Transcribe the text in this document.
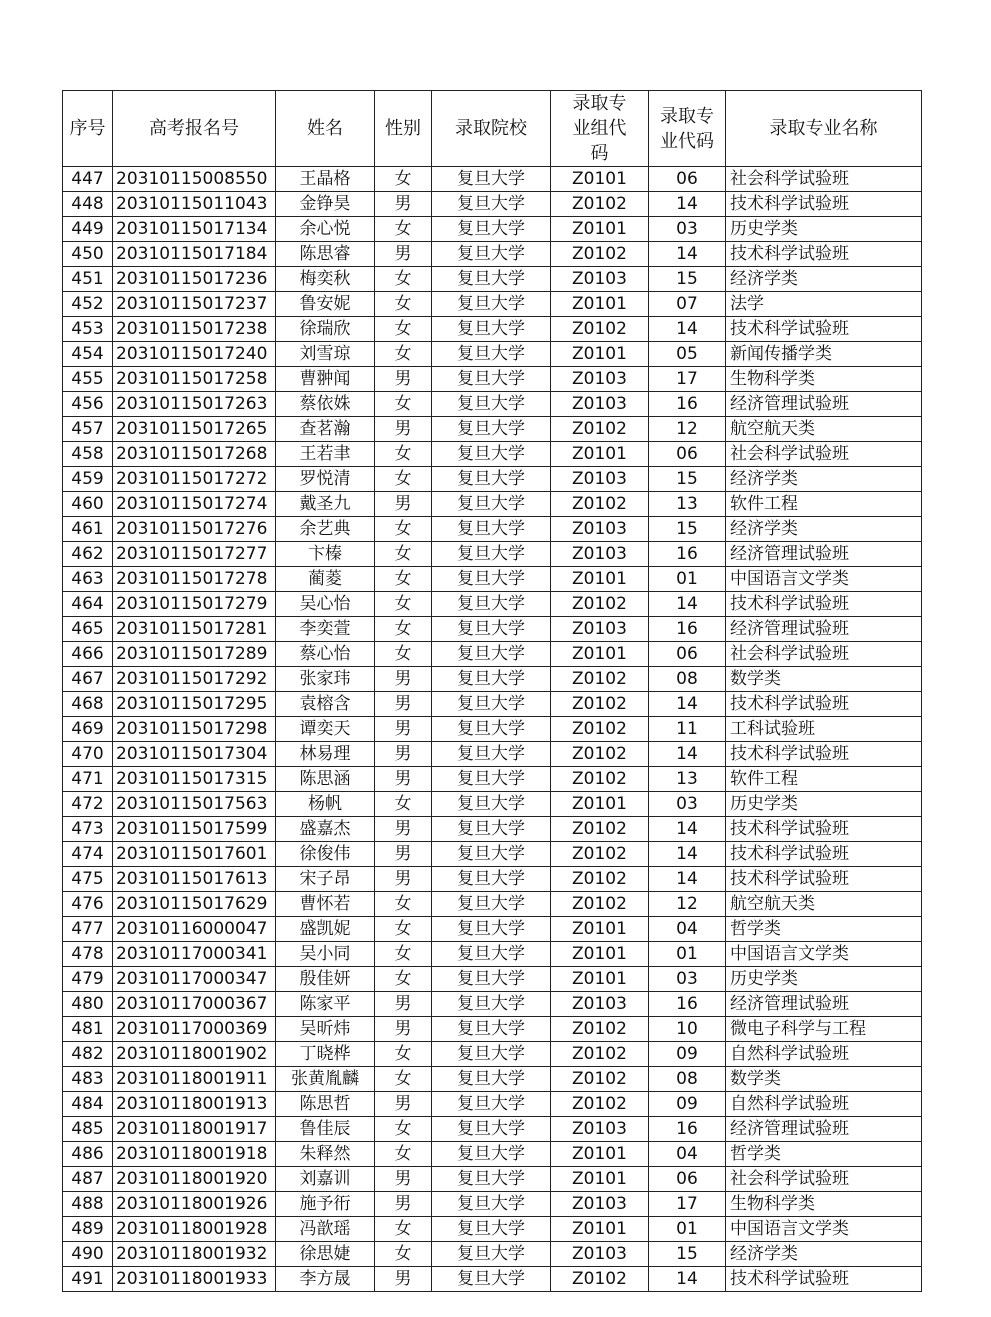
序号	高考报名号	姓名	性别	录取院校	录取专业组代码	录取专业代码	录取专业名称
447	20310115008550	王晶格	女	复旦大学	Z0101	06	社会科学试验班
448	20310115011043	金铮昊	男	复旦大学	Z0102	14	技术科学试验班
449	20310115017134	余心悦	女	复旦大学	Z0101	03	历史学类
450	20310115017184	陈思睿	男	复旦大学	Z0102	14	技术科学试验班
451	20310115017236	梅奕秋	女	复旦大学	Z0103	15	经济学类
452	20310115017237	鲁安妮	女	复旦大学	Z0101	07	法学
453	20310115017238	徐瑞欣	女	复旦大学	Z0102	14	技术科学试验班
454	20310115017240	刘雪琼	女	复旦大学	Z0101	05	新闻传播学类
455	20310115017258	曹翀闻	男	复旦大学	Z0103	17	生物科学类
456	20310115017263	蔡依姝	女	复旦大学	Z0103	16	经济管理试验班
457	20310115017265	查茗瀚	男	复旦大学	Z0102	12	航空航天类
458	20310115017268	王若聿	女	复旦大学	Z0101	06	社会科学试验班
459	20310115017272	罗悦清	女	复旦大学	Z0103	15	经济学类
460	20310115017274	戴圣九	男	复旦大学	Z0102	13	软件工程
461	20310115017276	余艺典	女	复旦大学	Z0103	15	经济学类
462	20310115017277	卞榛	女	复旦大学	Z0103	16	经济管理试验班
463	20310115017278	蔺菱	女	复旦大学	Z0101	01	中国语言文学类
464	20310115017279	吴心怡	女	复旦大学	Z0102	14	技术科学试验班
465	20310115017281	李奕萱	女	复旦大学	Z0103	16	经济管理试验班
466	20310115017289	蔡心怡	女	复旦大学	Z0101	06	社会科学试验班
467	20310115017292	张家玮	男	复旦大学	Z0102	08	数学类
468	20310115017295	袁榕含	男	复旦大学	Z0102	14	技术科学试验班
469	20310115017298	谭奕天	男	复旦大学	Z0102	11	工科试验班
470	20310115017304	林易理	男	复旦大学	Z0102	14	技术科学试验班
471	20310115017315	陈思涵	男	复旦大学	Z0102	13	软件工程
472	20310115017563	杨帆	女	复旦大学	Z0101	03	历史学类
473	20310115017599	盛嘉杰	男	复旦大学	Z0102	14	技术科学试验班
474	20310115017601	徐俊伟	男	复旦大学	Z0102	14	技术科学试验班
475	20310115017613	宋子昂	男	复旦大学	Z0102	14	技术科学试验班
476	20310115017629	曹怀若	女	复旦大学	Z0102	12	航空航天类
477	20310116000047	盛凯妮	女	复旦大学	Z0101	04	哲学类
478	20310117000341	吴小同	女	复旦大学	Z0101	01	中国语言文学类
479	20310117000347	殷佳妍	女	复旦大学	Z0101	03	历史学类
480	20310117000367	陈家平	男	复旦大学	Z0103	16	经济管理试验班
481	20310117000369	吴昕炜	男	复旦大学	Z0102	10	微电子科学与工程
482	20310118001902	丁晓桦	女	复旦大学	Z0102	09	自然科学试验班
483	20310118001911	张黄胤麟	女	复旦大学	Z0102	08	数学类
484	20310118001913	陈思哲	男	复旦大学	Z0102	09	自然科学试验班
485	20310118001917	鲁佳辰	女	复旦大学	Z0103	16	经济管理试验班
486	20310118001918	朱释然	女	复旦大学	Z0101	04	哲学类
487	20310118001920	刘嘉训	男	复旦大学	Z0101	06	社会科学试验班
488	20310118001926	施予衎	男	复旦大学	Z0103	17	生物科学类
489	20310118001928	冯歆瑶	女	复旦大学	Z0101	01	中国语言文学类
490	20310118001932	徐思婕	女	复旦大学	Z0103	15	经济学类
491	20310118001933	李方晟	男	复旦大学	Z0102	14	技术科学试验班
